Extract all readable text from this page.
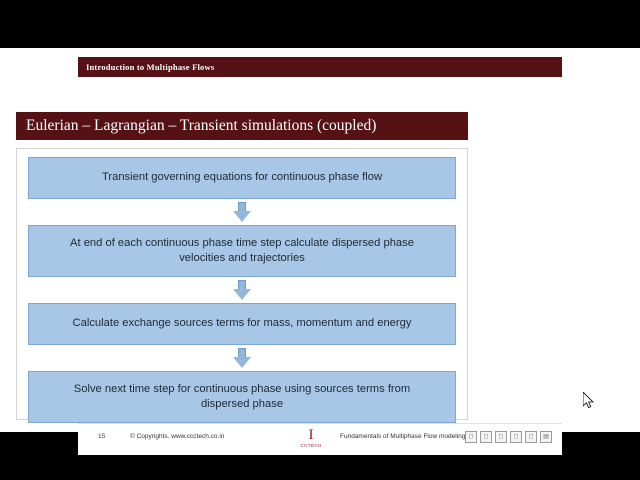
Introduction to Multiphase Flows
Eulerian – Lagrangian – Transient simulations (coupled)
Transient governing equations for continuous phase flow
At end of each continuous phase time step calculate dispersed phase velocities and trajectories
Calculate exchange sources terms for mass, momentum and energy
Solve next time step for continuous phase using sources terms from dispersed phase
15	© Copyrights. www.ccctech.co.in	Ӏ
CCTECH
Fundamentals of Multiphase Flow modeling ◻	◻	◻	◻	◻	▤
